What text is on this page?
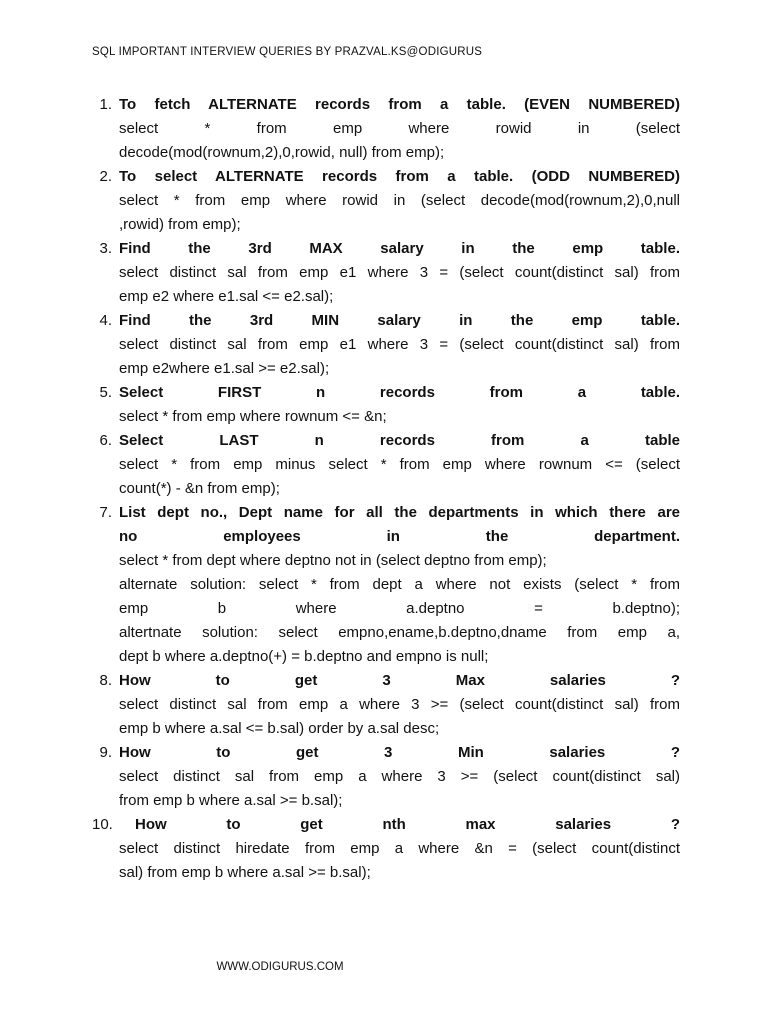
SQL IMPORTANT INTERVIEW QUERIES BY PRAZVAL.KS@ODIGURUS
1. To fetch ALTERNATE records from a table. (EVEN NUMBERED)
select * from emp where rowid in (select
decode(mod(rownum,2),0,rowid, null) from emp);
2. To select ALTERNATE records from a table. (ODD NUMBERED)
select * from emp where rowid in (select decode(mod(rownum,2),0,null
,rowid) from emp);
3. Find the 3rd MAX salary in the emp table.
select distinct sal from emp e1 where 3 = (select count(distinct sal) from
emp e2 where e1.sal <= e2.sal);
4. Find the 3rd MIN salary in the emp table.
select distinct sal from emp e1 where 3 = (select count(distinct sal) from
emp e2where e1.sal >= e2.sal);
5. Select FIRST n records from a table.
select * from emp where rownum <= &n;
6. Select LAST n records from a table
select * from emp minus select * from emp where rownum <= (select
count(*) - &n from emp);
7. List dept no., Dept name for all the departments in which there are
no employees in the department.
select * from dept where deptno not in (select deptno from emp);
alternate solution: select * from dept a where not exists (select * from
emp b where a.deptno = b.deptno);
altertnate solution: select empno,ename,b.deptno,dname from emp a,
dept b where a.deptno(+) = b.deptno and empno is null;
8. How to get 3 Max salaries ?
select distinct sal from emp a where 3 >= (select count(distinct sal) from
emp b where a.sal <= b.sal) order by a.sal desc;
9. How to get 3 Min salaries ?
select distinct sal from emp a where 3 >= (select count(distinct sal)
from emp b where a.sal >= b.sal);
10.	How to get nth max salaries ?
select distinct hiredate from emp a where &n = (select count(distinct
sal) from emp b where a.sal >= b.sal);
WWW.ODIGURUS.COM
